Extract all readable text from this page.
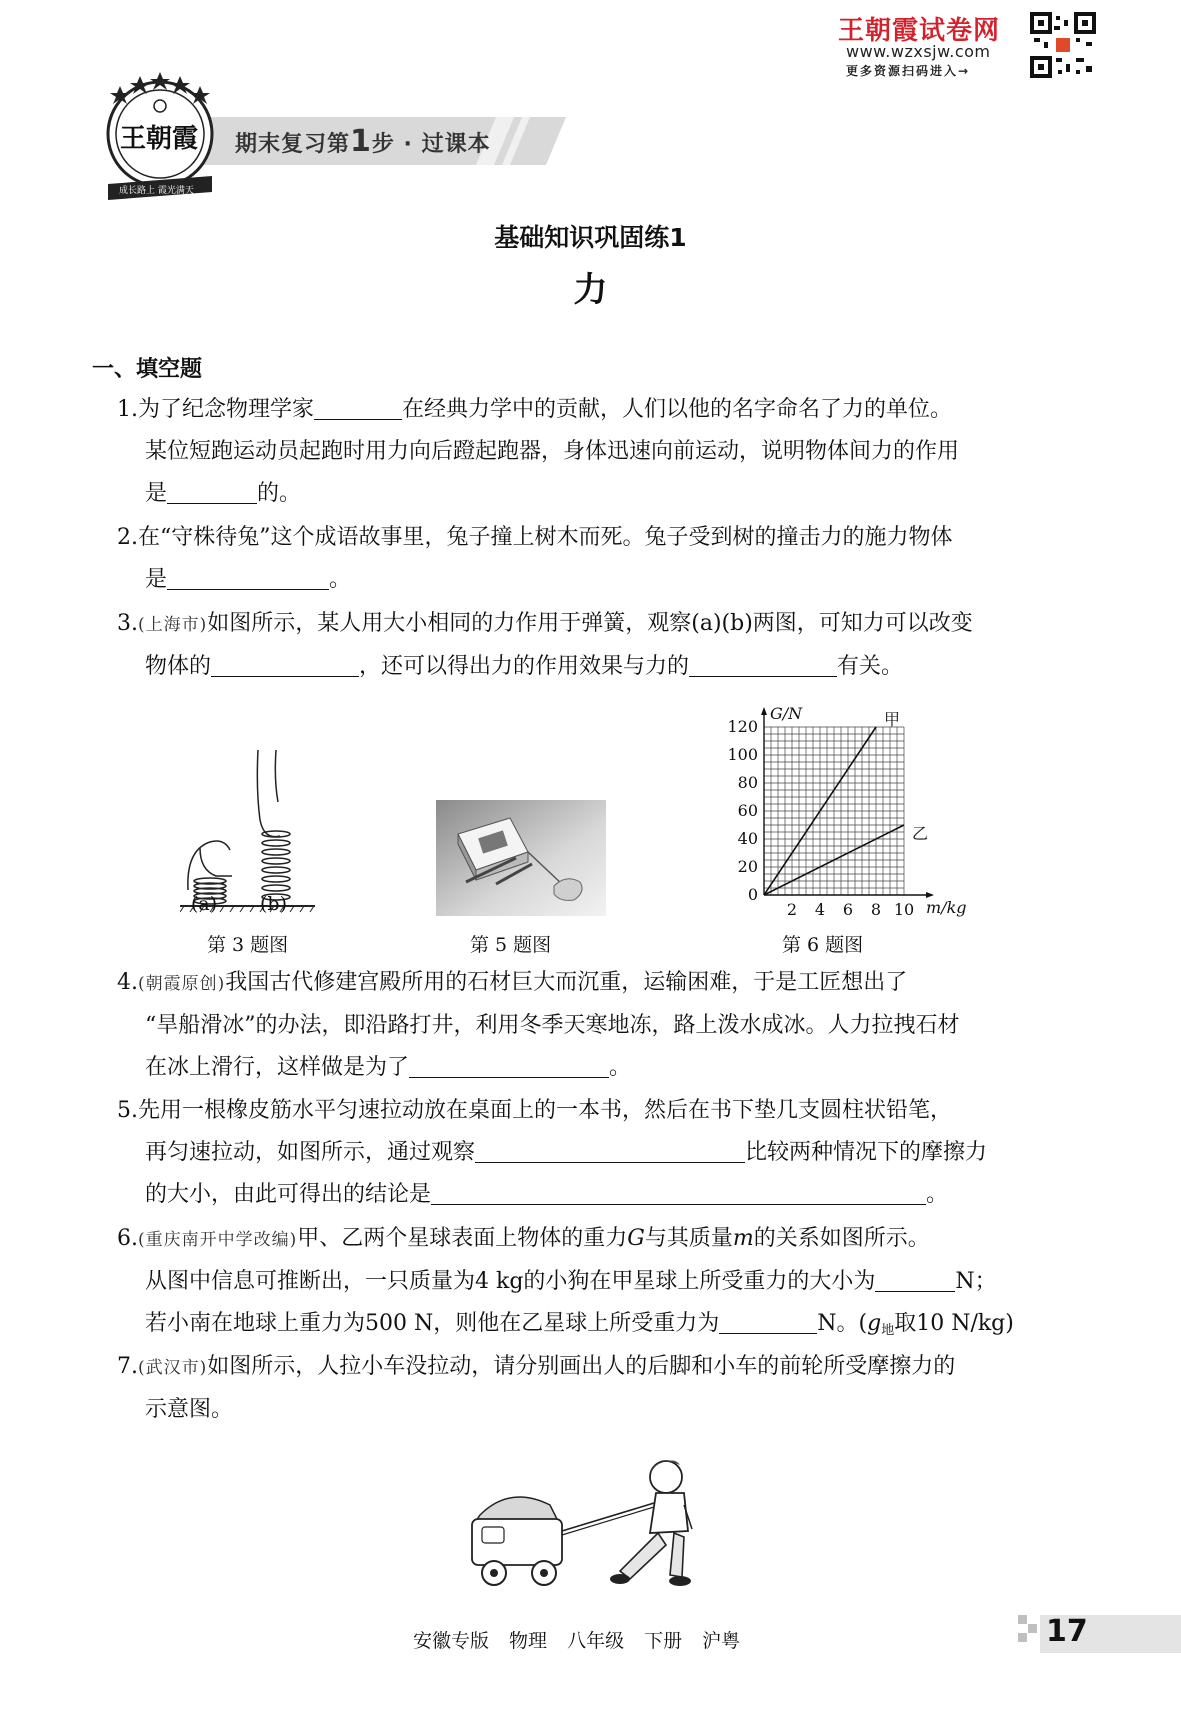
王朝霞试卷网
www.wzxsjw.com
更多资源扫码进入→
期末复习第1步 · 过课本
王朝霞
成长路上 霞光满天
基础知识巩固练1
力
一、填空题
1.为了纪念物理学家	在经典力学中的贡献，人们以他的名字命名了力的单位。
某位短跑运动员起跑时用力向后蹬起跑器，身体迅速向前运动，说明物体间力的作用
是	的。
2.在“守株待兔”这个成语故事里，兔子撞上树木而死。兔子受到树的撞击力的施力物体
是	。
3.(上海市)如图所示，某人用大小相同的力作用于弹簧，观察(a)(b)两图，可知力可以改变
物体的	，还可以得出力的作用效果与力的	有关。
(a) (b)
第 3 题图	第 5 题图
2 4 6 8 10
20
40
60
80
100
120
0
G/N
m/kg
甲
乙
第 6 题图
4.(朝霞原创)我国古代修建宫殿所用的石材巨大而沉重，运输困难，于是工匠想出了
“旱船滑冰”的办法，即沿路打井，利用冬季天寒地冻，路上泼水成冰。人力拉拽石材
在冰上滑行，这样做是为了	。
5.先用一根橡皮筋水平匀速拉动放在桌面上的一本书，然后在书下垫几支圆柱状铅笔，
再匀速拉动，如图所示，通过观察	比较两种情况下的摩擦力
的大小，由此可得出的结论是	。
6.(重庆南开中学改编)甲、乙两个星球表面上物体的重力G与其质量m的关系如图所示。
从图中信息可推断出，一只质量为4 kg的小狗在甲星球上所受重力的大小为	N；
若小南在地球上重力为500 N，则他在乙星球上所受重力为	N。(g地取10 N/kg)
7.(武汉市)如图所示，人拉小车没拉动，请分别画出人的后脚和小车的前轮所受摩擦力的
示意图。
安徽专版 物理 八年级 下册 沪粤	17
